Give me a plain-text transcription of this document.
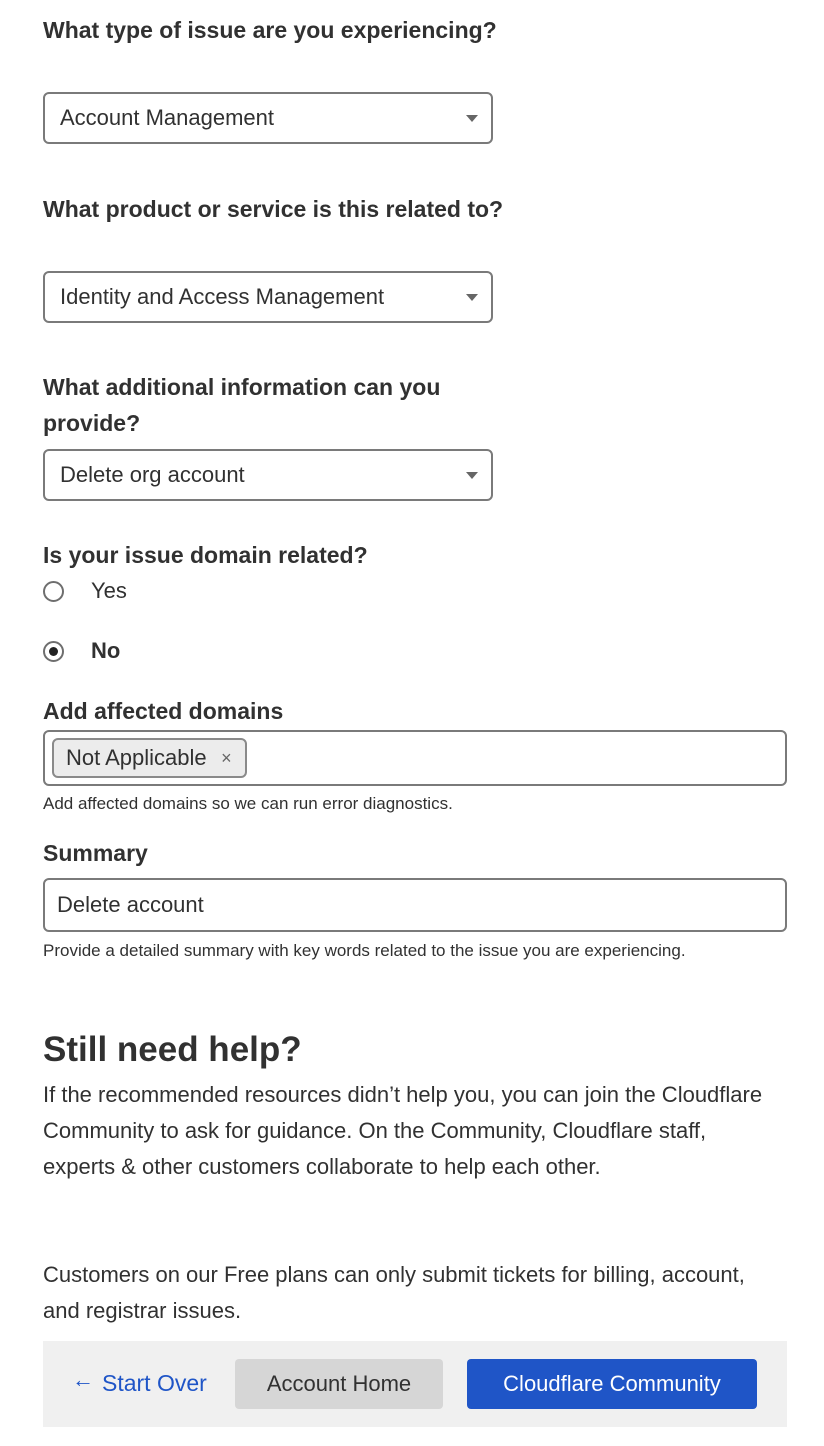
What type of issue are you experiencing?

Account Management

What product or service is this related to?

Identity and Access Management

What additional information can you provide?

Delete org account

Is your issue domain related?

Yes
No

Add affected domains

Not Applicable ×

Add affected domains so we can run error diagnostics.

Summary

Delete account

Provide a detailed summary with key words related to the issue you are experiencing.

Still need help?

If the recommended resources didn’t help you, you can join the Cloudflare Community to ask for guidance. On the Community, Cloudflare staff, experts & other customers collaborate to help each other.

Customers on our Free plans can only submit tickets for billing, account, and registrar issues.

← Start Over	Account Home	Cloudflare Community
